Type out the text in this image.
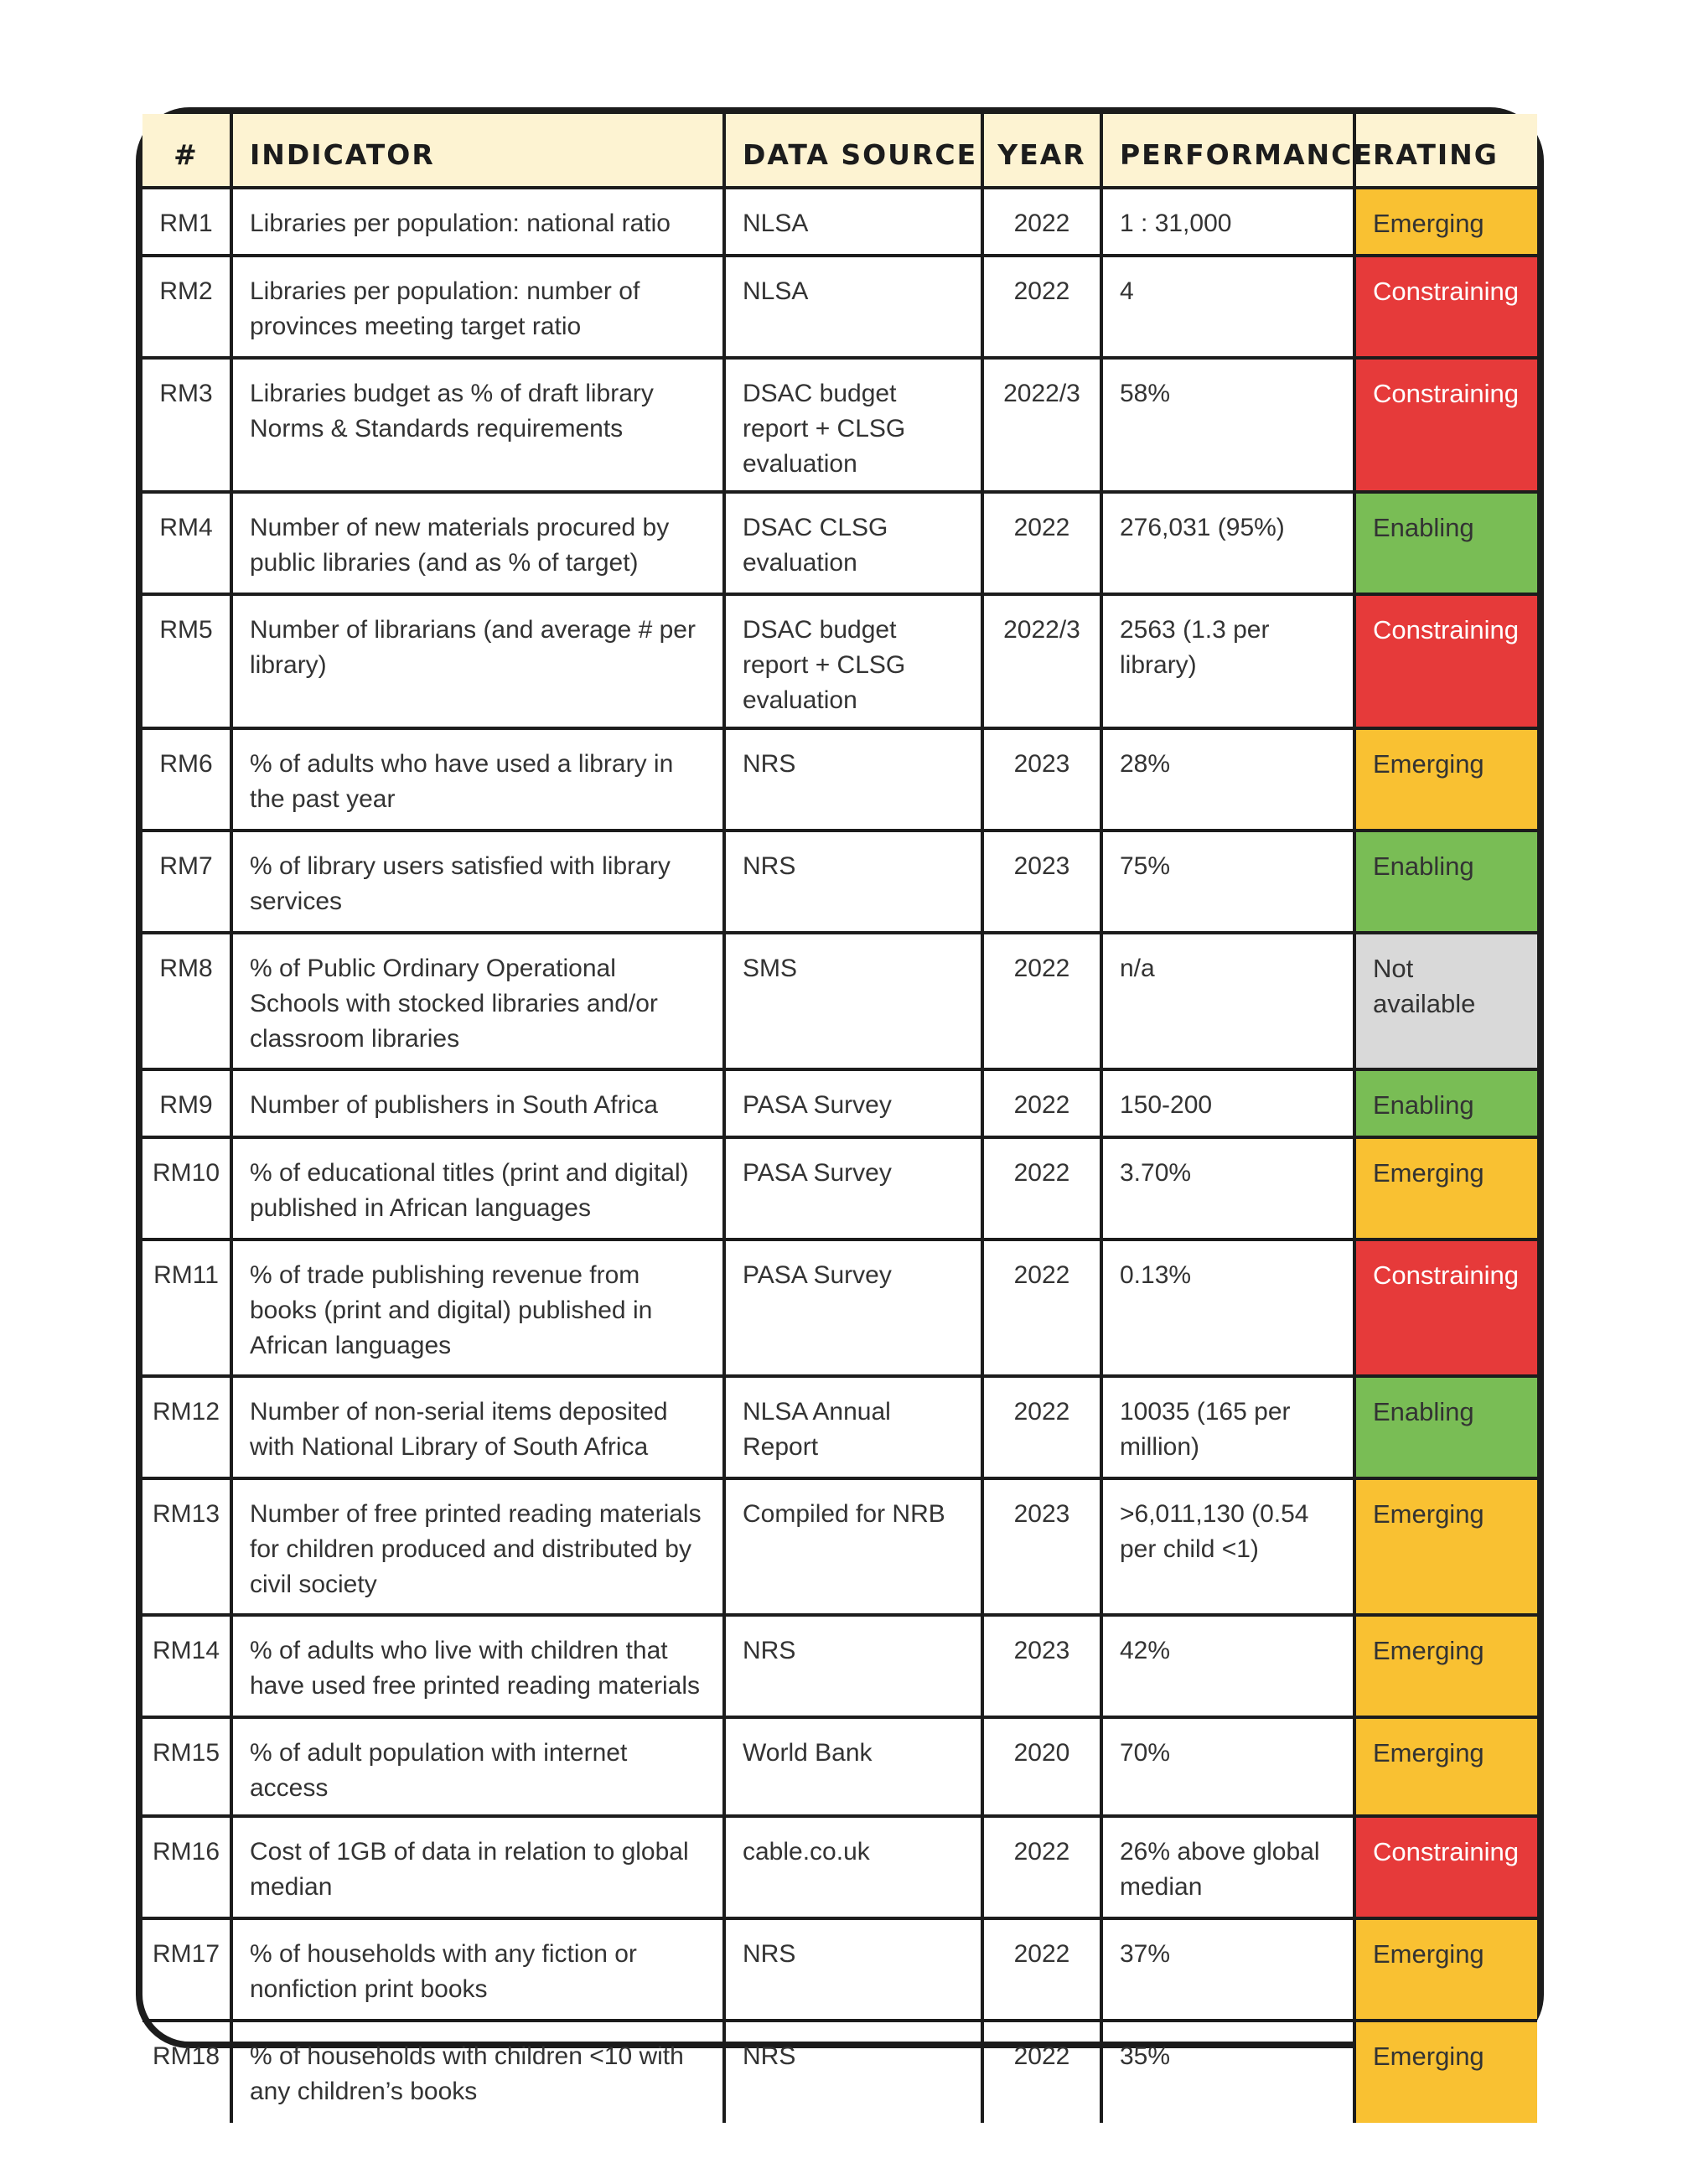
#	INDICATOR	DATA SOURCE	YEAR	PERFORMANCE	RATING
RM1	Libraries per population: national ratio	NLSA	2022	1 : 31,000	Emerging
RM2	Libraries per population: number of provinces meeting target ratio	NLSA	2022	4	Constraining
RM3	Libraries budget as % of draft library Norms & Standards requirements	DSAC budget report + CLSG evaluation	2022/3	58%	Constraining
RM4	Number of new materials procured by public libraries (and as % of target)	DSAC CLSG evaluation	2022	276,031 (95%)	Enabling
RM5	Number of librarians (and average # per library)	DSAC budget report + CLSG evaluation	2022/3	2563 (1.3 per library)	Constraining
RM6	% of adults who have used a library in the past year	NRS	2023	28%	Emerging
RM7	% of library users satisfied with library services	NRS	2023	75%	Enabling
RM8	% of Public Ordinary Operational Schools with stocked libraries and/or classroom libraries	SMS	2022	n/a	Not available
RM9	Number of publishers in South Africa	PASA Survey	2022	150-200	Enabling
RM10	% of educational titles (print and digital) published in African languages	PASA Survey	2022	3.70%	Emerging
RM11	% of trade publishing revenue from books (print and digital) published in African languages	PASA Survey	2022	0.13%	Constraining
RM12	Number of non-serial items deposited with National Library of South Africa	NLSA Annual Report	2022	10035 (165 per million)	Enabling
RM13	Number of free printed reading materials for children produced and distributed by civil society	Compiled for NRB	2023	>6,011,130 (0.54 per child <1)	Emerging
RM14	% of adults who live with children that have used free printed reading materials	NRS	2023	42%	Emerging
RM15	% of adult population with internet access	World Bank	2020	70%	Emerging
RM16	Cost of 1GB of data in relation to global median	cable.co.uk	2022	26% above global median	Constraining
RM17	% of households with any fiction or nonfiction print books	NRS	2022	37%	Emerging
RM18	% of households with children <10 with any children’s books	NRS	2022	35%	Emerging
